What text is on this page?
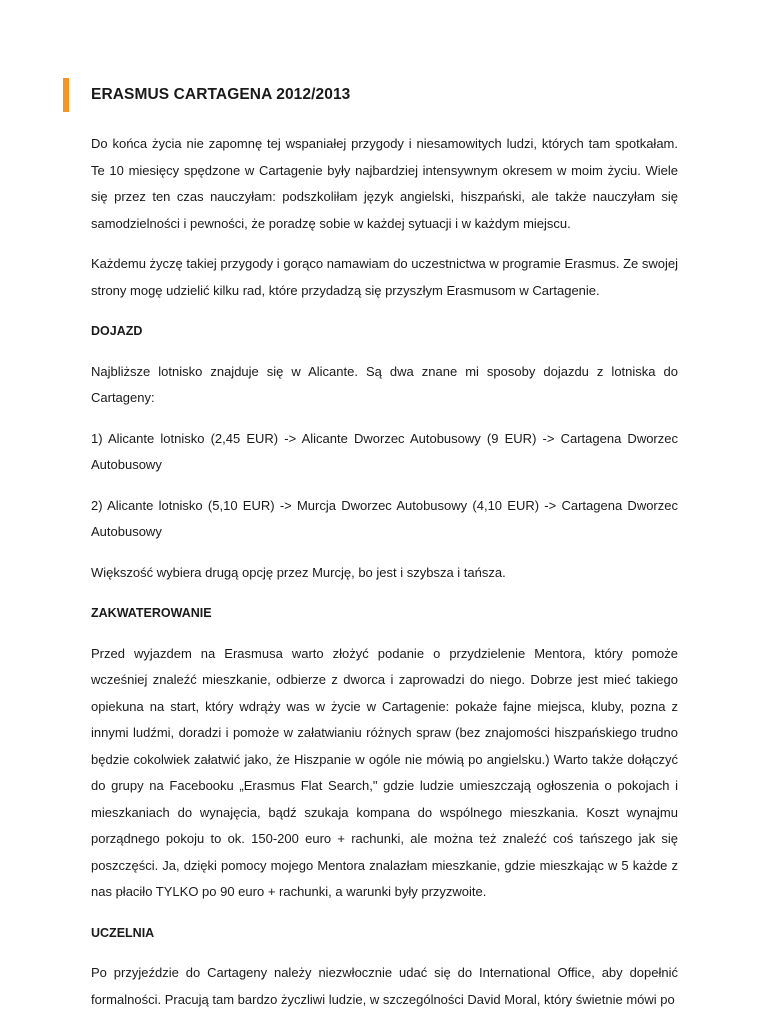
ERASMUS CARTAGENA 2012/2013

Do końca życia nie zapomnę tej wspaniałej przygody i niesamowitych ludzi, których tam spotkałam. Te 10 miesięcy spędzone w Cartagenie były najbardziej intensywnym okresem w moim życiu. Wiele się przez ten czas nauczyłam: podszkoliłam język angielski, hiszpański, ale także nauczyłam się samodzielności i pewności, że poradzę sobie w każdej sytuacji i w każdym miejscu.

Każdemu życzę takiej przygody i gorąco namawiam do uczestnictwa w programie Erasmus. Ze swojej strony mogę udzielić kilku rad, które przydadzą się przyszłym Erasmusom w Cartagenie.

DOJAZD

Najbliższe lotnisko znajduje się w Alicante. Są dwa znane mi sposoby dojazdu z lotniska do Cartageny:

1) Alicante lotnisko (2,45 EUR) -> Alicante Dworzec Autobusowy (9 EUR) -> Cartagena Dworzec Autobusowy

2) Alicante lotnisko (5,10 EUR) -> Murcja Dworzec Autobusowy (4,10 EUR) -> Cartagena Dworzec Autobusowy

Większość wybiera drugą opcję przez Murcję, bo jest i szybsza i tańsza.

ZAKWATEROWANIE

Przed wyjazdem na Erasmusa warto złożyć podanie o przydzielenie Mentora, który pomoże wcześniej znaleźć mieszkanie, odbierze z dworca i zaprowadzi do niego. Dobrze jest mieć takiego opiekuna na start, który wdrąży was w życie w Cartagenie: pokaże fajne miejsca, kluby, pozna z innymi ludźmi, doradzi i pomoże w załatwianiu różnych spraw (bez znajomości hiszpańskiego trudno będzie cokolwiek załatwić jako, że Hiszpanie w ogóle nie mówią po angielsku.) Warto także dołączyć do grupy na Facebooku „Erasmus Flat Search," gdzie ludzie umieszczają ogłoszenia o pokojach i mieszkaniach do wynajęcia, bądź szukaja kompana do wspólnego mieszkania. Koszt wynajmu porządnego pokoju to ok. 150-200 euro + rachunki, ale można też znaleźć coś tańszego jak się poszczęści. Ja, dzięki pomocy mojego Mentora znalazłam mieszkanie, gdzie mieszkając w 5 każde z nas płaciło TYLKO po 90 euro + rachunki, a warunki były przyzwoite.

UCZELNIA

Po przyjeździe do Cartageny należy niezwłocznie udać się do International Office, aby dopełnić formalności. Pracują tam bardzo życzliwi ludzie, w szczególności David Moral, który świetnie mówi po
